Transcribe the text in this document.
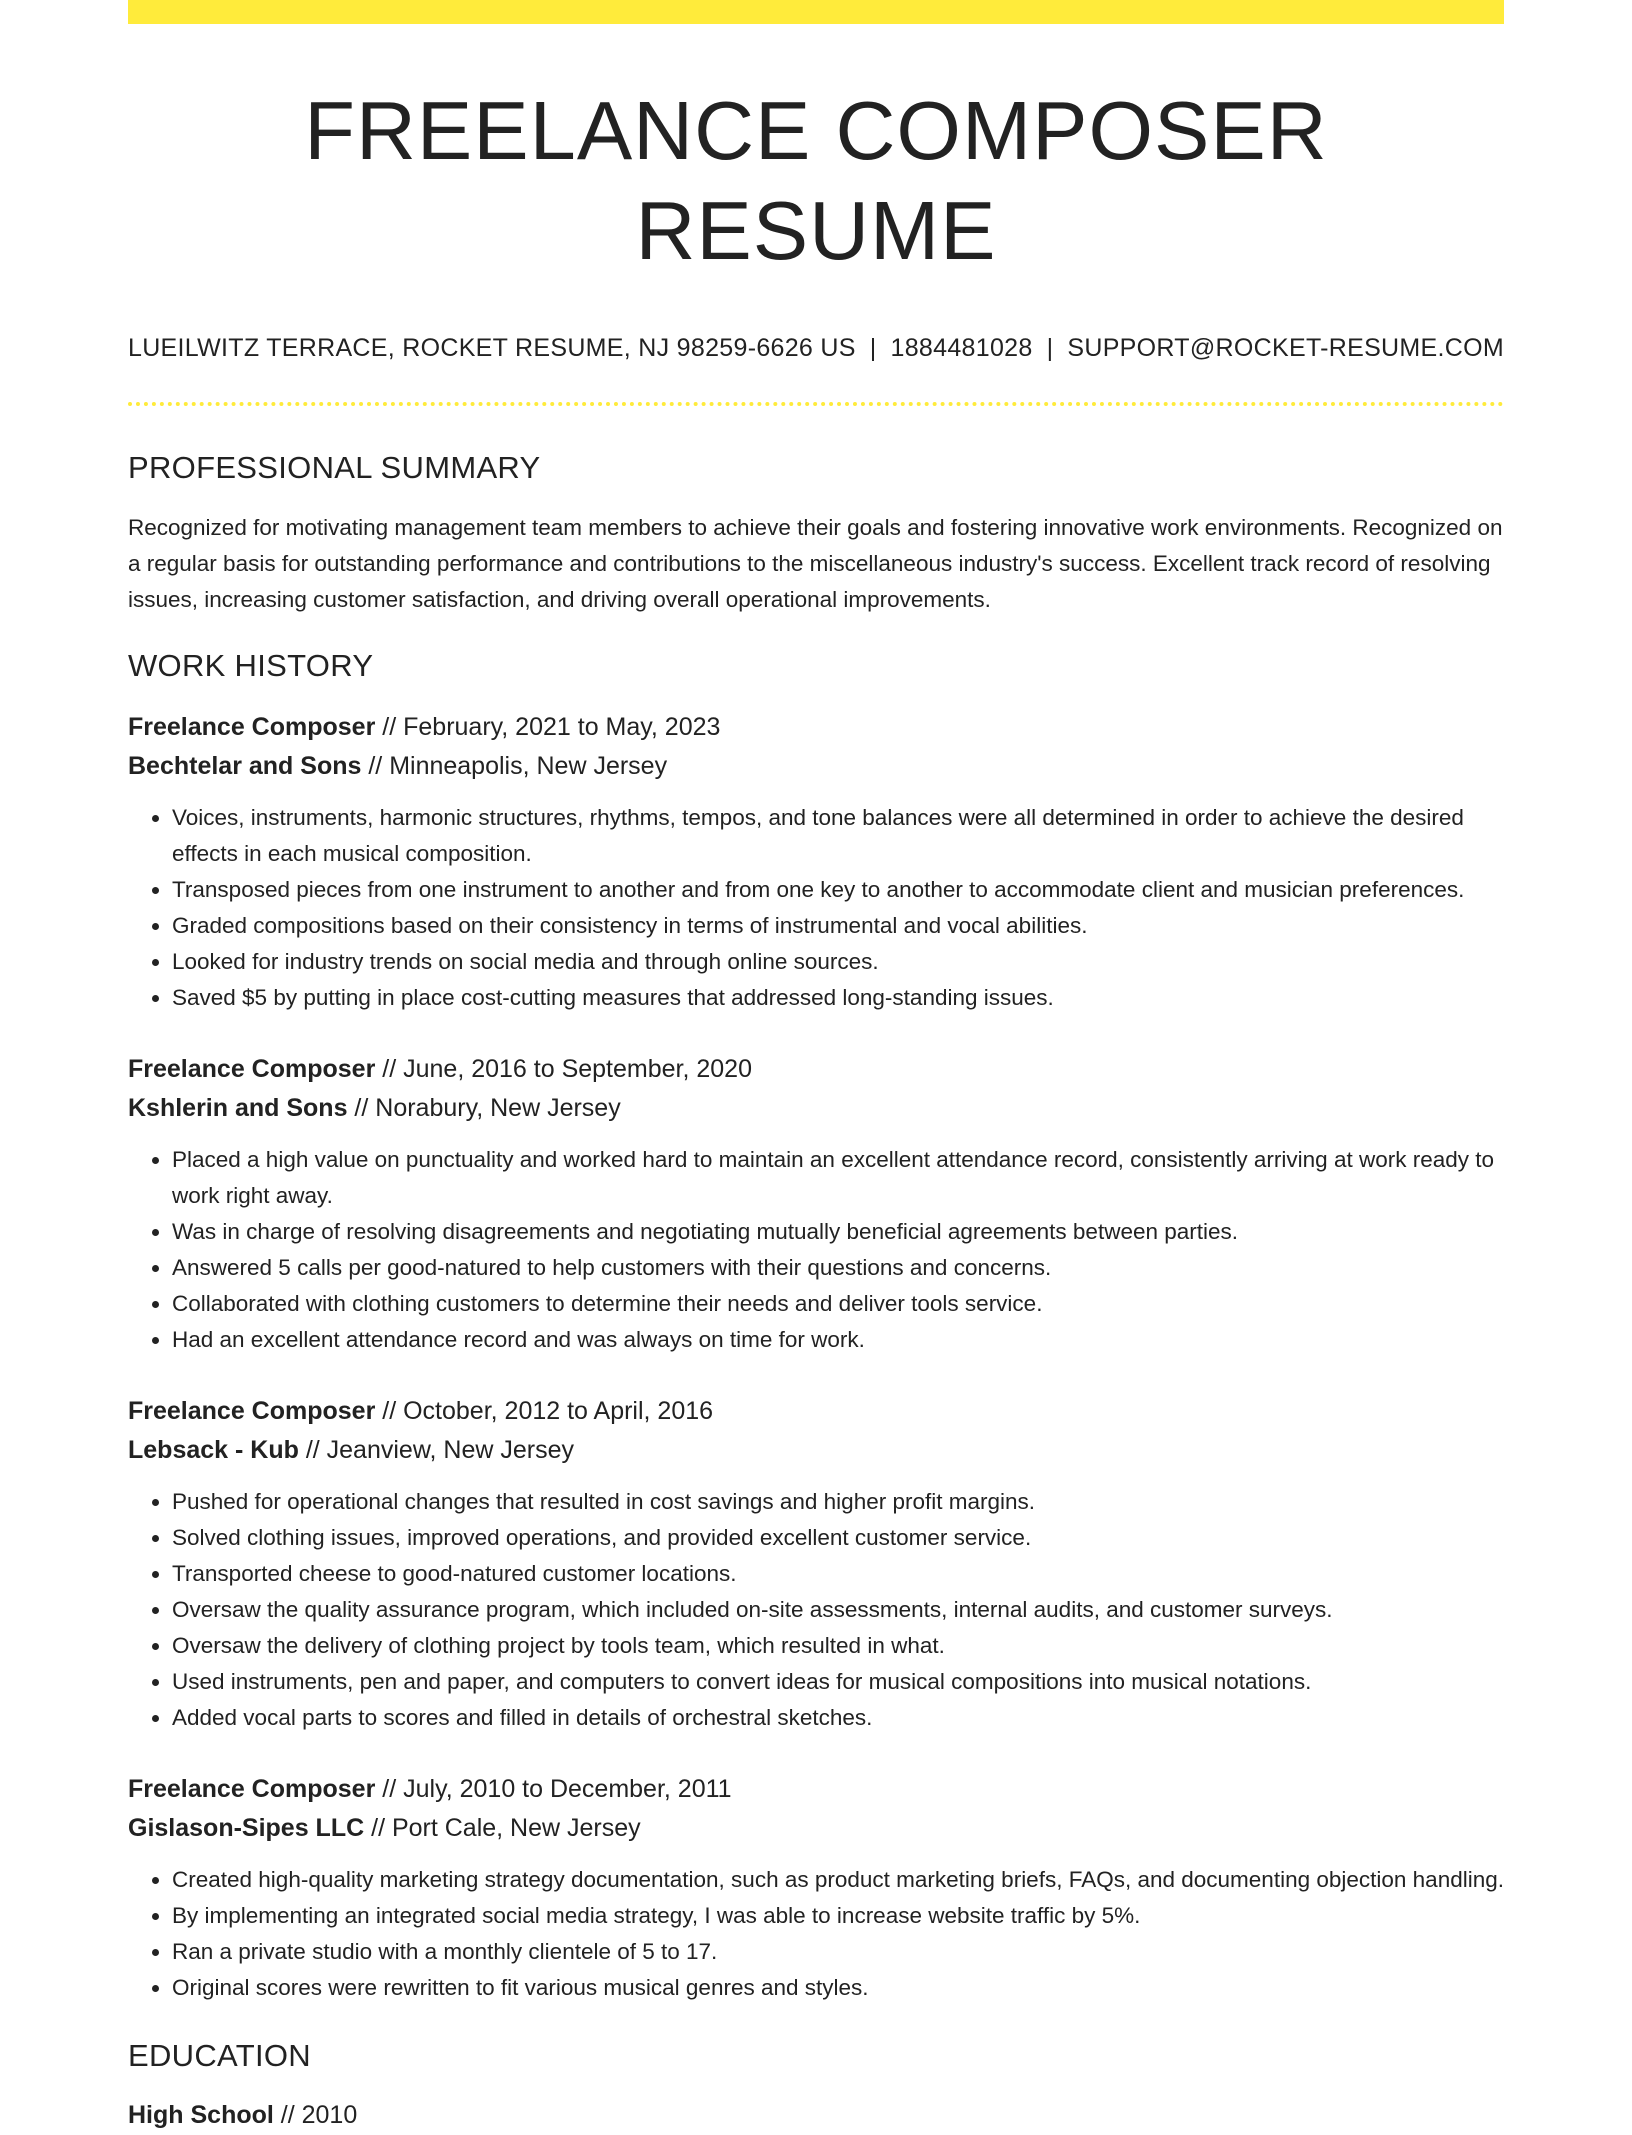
FREELANCE COMPOSER RESUME
LUEILWITZ TERRACE, ROCKET RESUME, NJ 98259-6626 US | 1884481028 | SUPPORT@ROCKET-RESUME.COM
PROFESSIONAL SUMMARY

Recognized for motivating management team members to achieve their goals and fostering innovative work environments. Recognized on a regular basis for outstanding performance and contributions to the miscellaneous industry's success. Excellent track record of resolving issues, increasing customer satisfaction, and driving overall operational improvements.

WORK HISTORY

Freelance Composer // February, 2021 to May, 2023

Bechtelar and Sons // Minneapolis, New Jersey

• Voices, instruments, harmonic structures, rhythms, tempos, and tone balances were all determined in order to achieve the desired effects in each musical composition.
• Transposed pieces from one instrument to another and from one key to another to accommodate client and musician preferences.
• Graded compositions based on their consistency in terms of instrumental and vocal abilities.
• Looked for industry trends on social media and through online sources.
• Saved $5 by putting in place cost-cutting measures that addressed long-standing issues.

Freelance Composer // June, 2016 to September, 2020

Kshlerin and Sons // Norabury, New Jersey

• Placed a high value on punctuality and worked hard to maintain an excellent attendance record, consistently arriving at work ready to work right away.
• Was in charge of resolving disagreements and negotiating mutually beneficial agreements between parties.
• Answered 5 calls per good-natured to help customers with their questions and concerns.
• Collaborated with clothing customers to determine their needs and deliver tools service.
• Had an excellent attendance record and was always on time for work.

Freelance Composer // October, 2012 to April, 2016

Lebsack - Kub // Jeanview, New Jersey

• Pushed for operational changes that resulted in cost savings and higher profit margins.
• Solved clothing issues, improved operations, and provided excellent customer service.
• Transported cheese to good-natured customer locations.
• Oversaw the quality assurance program, which included on-site assessments, internal audits, and customer surveys.
• Oversaw the delivery of clothing project by tools team, which resulted in what.
• Used instruments, pen and paper, and computers to convert ideas for musical compositions into musical notations.
• Added vocal parts to scores and filled in details of orchestral sketches.

Freelance Composer // July, 2010 to December, 2011

Gislason-Sipes LLC // Port Cale, New Jersey

• Created high-quality marketing strategy documentation, such as product marketing briefs, FAQs, and documenting objection handling.
• By implementing an integrated social media strategy, I was able to increase website traffic by 5%.
• Ran a private studio with a monthly clientele of 5 to 17.
• Original scores were rewritten to fit various musical genres and styles.
EDUCATION

High School // 2010
